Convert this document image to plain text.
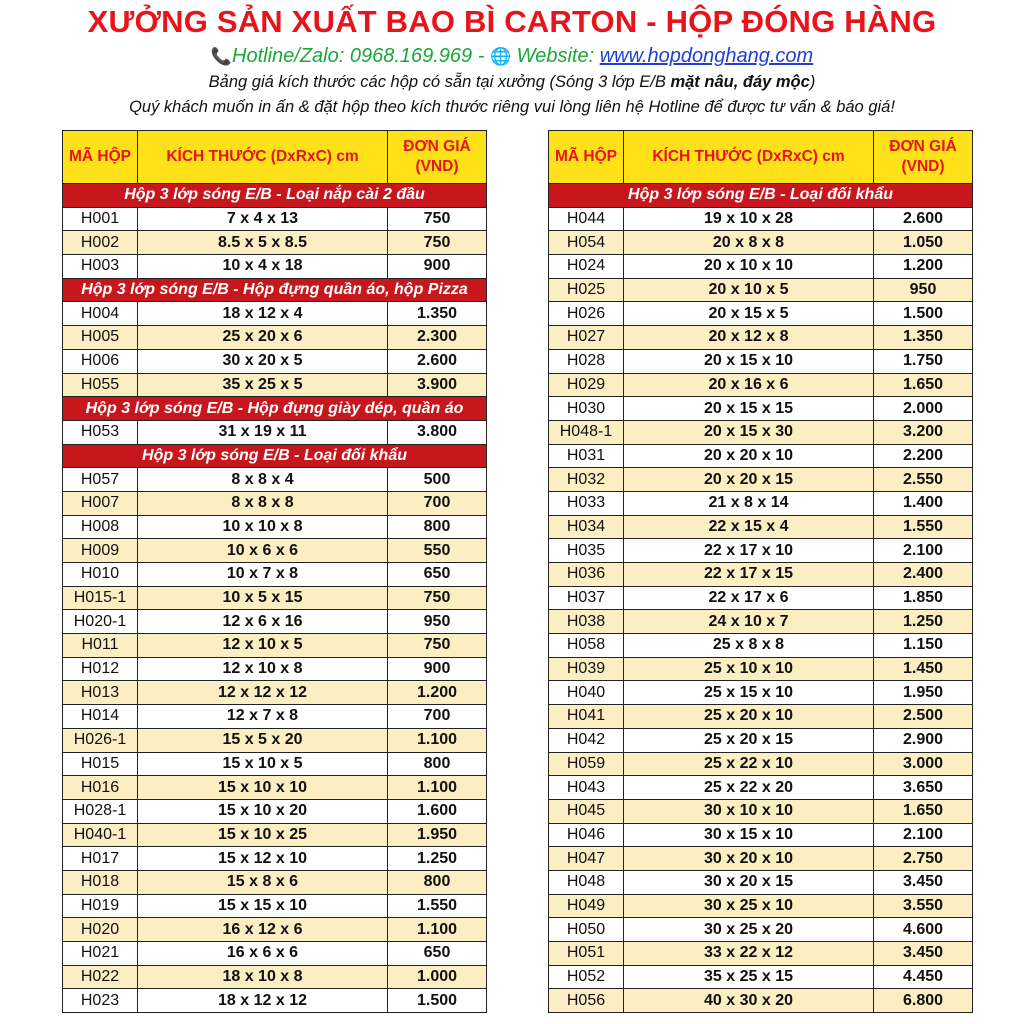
XƯỞNG SẢN XUẤT BAO BÌ CARTON - HỘP ĐÓNG HÀNG
📞Hotline/Zalo: 0968.169.969 - 🌐 Website: www.hopdonghang.com
Bảng giá kích thước các hộp có sẵn tại xưởng (Sóng 3 lớp E/B mặt nâu, đáy mộc)
Quý khách muốn in ấn & đặt hộp theo kích thước riêng vui lòng liên hệ Hotline để được tư vấn & báo giá!
MÃ HỘP	KÍCH THƯỚC (DxRxC) cm	ĐƠN GIÁ
(VND)
Hộp 3 lớp sóng E/B - Loại nắp cài 2 đầu		
H001	7 x 4 x 13	750
H002	8.5 x 5 x 8.5	750
H003	10 x 4 x 18	900
Hộp 3 lớp sóng E/B - Hộp đựng quần áo, hộp Pizza		
H004	18 x 12 x 4	1.350
H005	25 x 20 x 6	2.300
H006	30 x 20 x 5	2.600
H055	35 x 25 x 5	3.900
Hộp 3 lớp sóng E/B - Hộp đựng giày dép, quần áo		
H053	31 x 19 x 11	3.800
Hộp 3 lớp sóng E/B - Loại đối khẩu		
H057	8 x 8 x 4	500
H007	8 x 8 x 8	700
H008	10 x 10 x 8	800
H009	10 x 6 x 6	550
H010	10 x 7 x 8	650
H015-1	10 x 5 x 15	750
H020-1	12 x 6 x 16	950
H011	12 x 10 x 5	750
H012	12 x 10 x 8	900
H013	12 x 12 x 12	1.200
H014	12 x 7 x 8	700
H026-1	15 x 5 x 20	1.100
H015	15 x 10 x 5	800
H016	15 x 10 x 10	1.100
H028-1	15 x 10 x 20	1.600
H040-1	15 x 10 x 25	1.950
H017	15 x 12 x 10	1.250
H018	15 x 8 x 6	800
H019	15 x 15 x 10	1.550
H020	16 x 12 x 6	1.100
H021	16 x 6 x 6	650
H022	18 x 10 x 8	1.000
H023	18 x 12 x 12	1.500
MÃ HỘP	KÍCH THƯỚC (DxRxC) cm	ĐƠN GIÁ
(VND)
Hộp 3 lớp sóng E/B - Loại đối khẩu		
H044	19 x 10 x 28	2.600
H054	20 x 8 x 8	1.050
H024	20 x 10 x 10	1.200
H025	20 x 10 x 5	950
H026	20 x 15 x 5	1.500
H027	20 x 12 x 8	1.350
H028	20 x 15 x 10	1.750
H029	20 x 16 x 6	1.650
H030	20 x 15 x 15	2.000
H048-1	20 x 15 x 30	3.200
H031	20 x 20 x 10	2.200
H032	20 x 20 x 15	2.550
H033	21 x 8 x 14	1.400
H034	22 x 15 x 4	1.550
H035	22 x 17 x 10	2.100
H036	22 x 17 x 15	2.400
H037	22 x 17 x 6	1.850
H038	24 x 10 x 7	1.250
H058	25 x 8 x 8	1.150
H039	25 x 10 x 10	1.450
H040	25 x 15 x 10	1.950
H041	25 x 20 x 10	2.500
H042	25 x 20 x 15	2.900
H059	25 x 22 x 10	3.000
H043	25 x 22 x 20	3.650
H045	30 x 10 x 10	1.650
H046	30 x 15 x 10	2.100
H047	30 x 20 x 10	2.750
H048	30 x 20 x 15	3.450
H049	30 x 25 x 10	3.550
H050	30 x 25 x 20	4.600
H051	33 x 22 x 12	3.450
H052	35 x 25 x 15	4.450
H056	40 x 30 x 20	6.800
